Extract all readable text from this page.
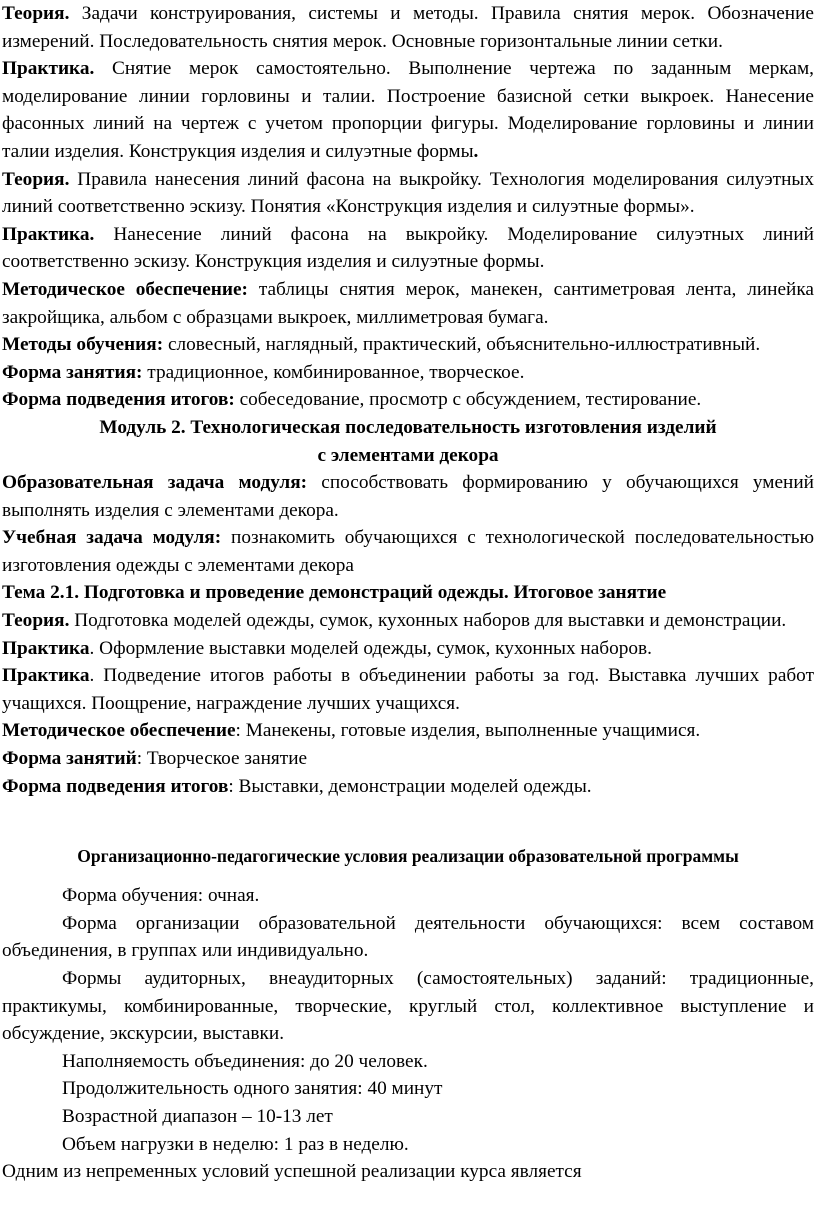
Теория. Задачи конструирования, системы и методы. Правила снятия мерок. Обозначение измерений. Последовательность снятия мерок. Основные горизонтальные линии сетки.

Практика. Снятие мерок самостоятельно. Выполнение чертежа по заданным меркам, моделирование линии горловины и талии. Построение базисной сетки выкроек. Нанесение фасонных линий на чертеж с учетом пропорции фигуры. Моделирование горловины и линии талии изделия. Конструкция изделия и силуэтные формы.

Теория. Правила нанесения линий фасона на выкройку. Технология моделирования силуэтных линий соответственно эскизу. Понятия «Конструкция изделия и силуэтные формы».

Практика. Нанесение линий фасона на выкройку. Моделирование силуэтных линий соответственно эскизу. Конструкция изделия и силуэтные формы.

Методическое обеспечение: таблицы снятия мерок, манекен, сантиметровая лента, линейка закройщика, альбом с образцами выкроек, миллиметровая бумага.

Методы обучения: словесный, наглядный, практический, объяснительно-иллюстративный.

Форма занятия: традиционное, комбинированное, творческое.

Форма подведения итогов: собеседование, просмотр с обсуждением, тестирование.

Модуль 2. Технологическая последовательность изготовления изделий

с элементами декора

Образовательная задача модуля: способствовать формированию у обучающихся умений выполнять изделия с элементами декора.

Учебная задача модуля: познакомить обучающихся с технологической последовательностью изготовления одежды с элементами декора

Тема 2.1. Подготовка и проведение демонстраций одежды. Итоговое занятие

Теория. Подготовка моделей одежды, сумок, кухонных наборов для выставки и демонстрации.

Практика. Оформление выставки моделей одежды, сумок, кухонных наборов.

Практика. Подведение итогов работы в объединении работы за год. Выставка лучших работ учащихся. Поощрение, награждение лучших учащихся.

Методическое обеспечение: Манекены, готовые изделия, выполненные учащимися.

Форма занятий: Творческое занятие

Форма подведения итогов: Выставки, демонстрации моделей одежды.

Организационно-педагогические условия реализации образовательной программы

Форма обучения: очная.

Форма организации образовательной деятельности обучающихся: всем составом объединения, в группах или индивидуально.

Формы аудиторных, внеаудиторных (самостоятельных) заданий: традиционные, практикумы, комбинированные, творческие, круглый стол, коллективное выступление и обсуждение, экскурсии, выставки.

Наполняемость объединения: до 20 человек.

Продолжительность одного занятия: 40 минут

Возрастной диапазон – 10-13 лет

Объем нагрузки в неделю: 1 раз в неделю.

Одним из непременных условий успешной реализации курса является
